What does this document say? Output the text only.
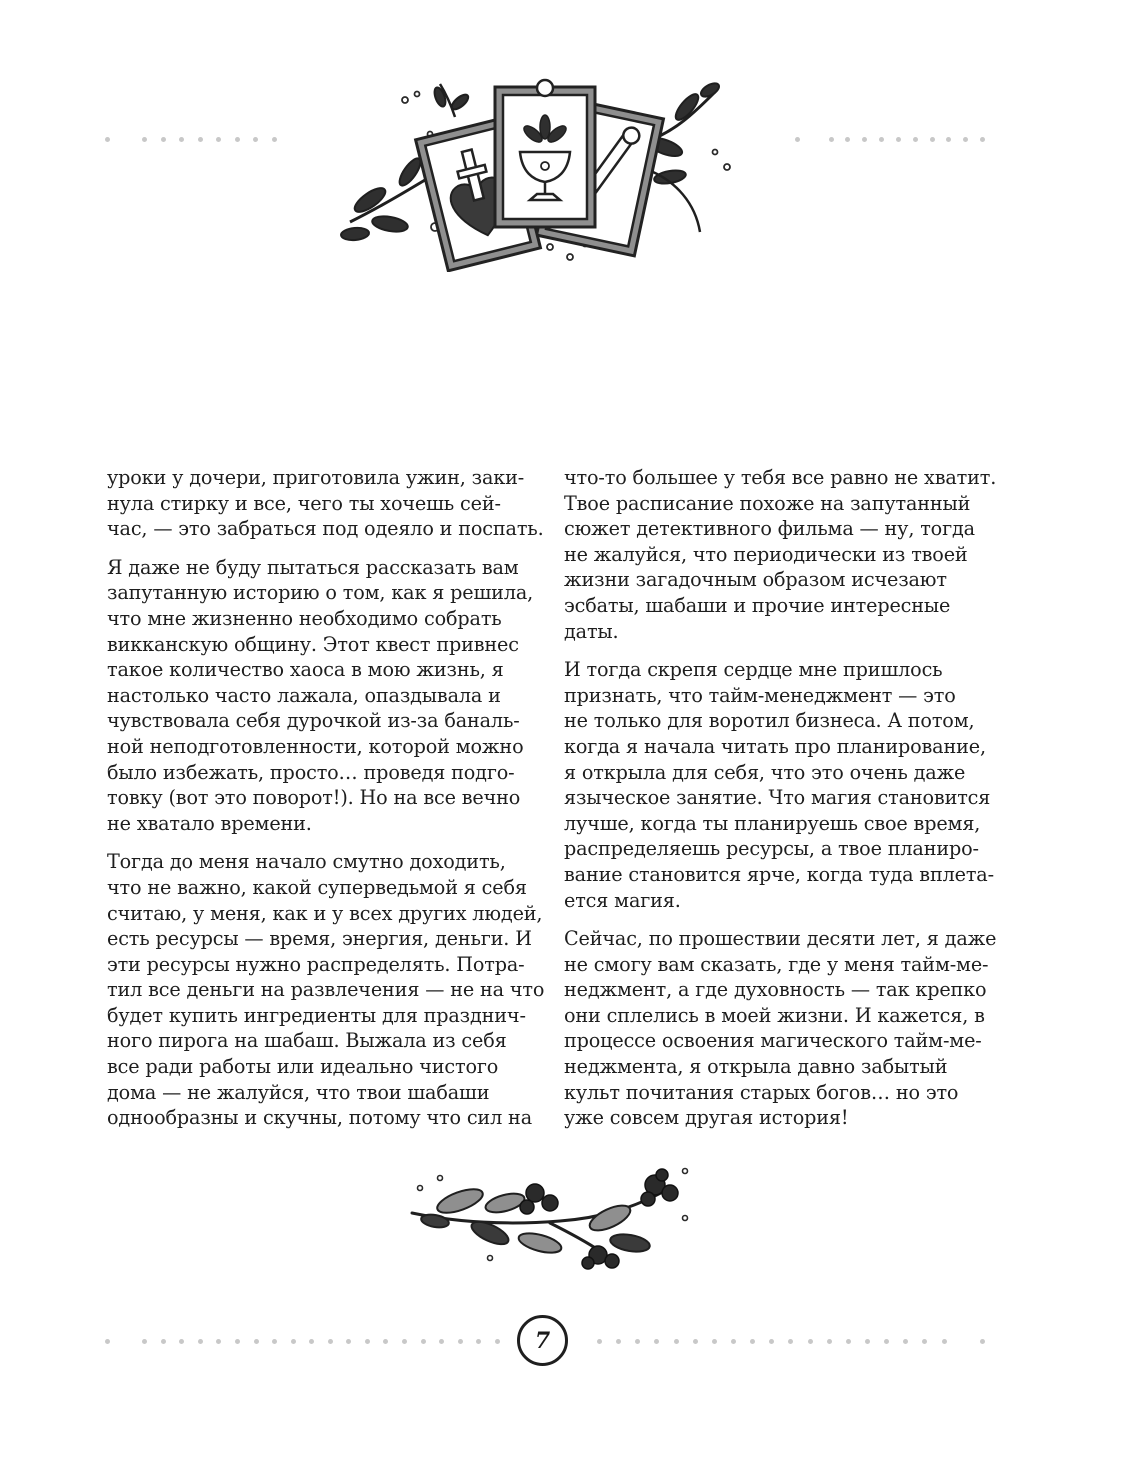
уроки у дочери, приготовила ужин, заки-
нула стирку и все, чего ты хочешь сей-
час, — это забраться под одеяло и поспать.

Я даже не буду пытаться рассказать вам
запутанную историю о том, как я решила,
что мне жизненно необходимо собрать
викканскую общину. Этот квест привнес
такое количество хаоса в мою жизнь, я
настолько часто лажала, опаздывала и
чувствовала себя дурочкой из-за баналь-
ной неподготовленности, которой можно
было избежать, просто… проведя подго-
товку (вот это поворот!). Но на все вечно
не хватало времени.

Тогда до меня начало смутно доходить,
что не важно, какой суперведьмой я себя
считаю, у меня, как и у всех других людей,
есть ресурсы — время, энергия, деньги. И
эти ресурсы нужно распределять. Потра-
тил все деньги на развлечения — не на что
будет купить ингредиенты для празднич-
ного пирога на шабаш. Выжала из себя
все ради работы или идеально чистого
дома — не жалуйся, что твои шабаши
однообразны и скучны, потому что сил на

что-то большее у тебя все равно не хватит.
Твое расписание похоже на запутанный
сюжет детективного фильма — ну, тогда
не жалуйся, что периодически из твоей
жизни загадочным образом исчезают
эсбаты, шабаши и прочие интересные
даты.

И тогда скрепя сердце мне пришлось
признать, что тайм-менеджмент — это
не только для воротил бизнеса. А потом,
когда я начала читать про планирование,
я открыла для себя, что это очень даже
языческое занятие. Что магия становится
лучше, когда ты планируешь свое время,
распределяешь ресурсы, а твое планиро-
вание становится ярче, когда туда вплета-
ется магия.

Сейчас, по прошествии десяти лет, я даже
не смогу вам сказать, где у меня тайм-ме-
неджмент, а где духовность — так крепко
они сплелись в моей жизни. И кажется, в
процессе освоения магического тайм-ме-
неджмента, я открыла давно забытый
культ почитания старых богов… но это
уже совсем другая история!

7
